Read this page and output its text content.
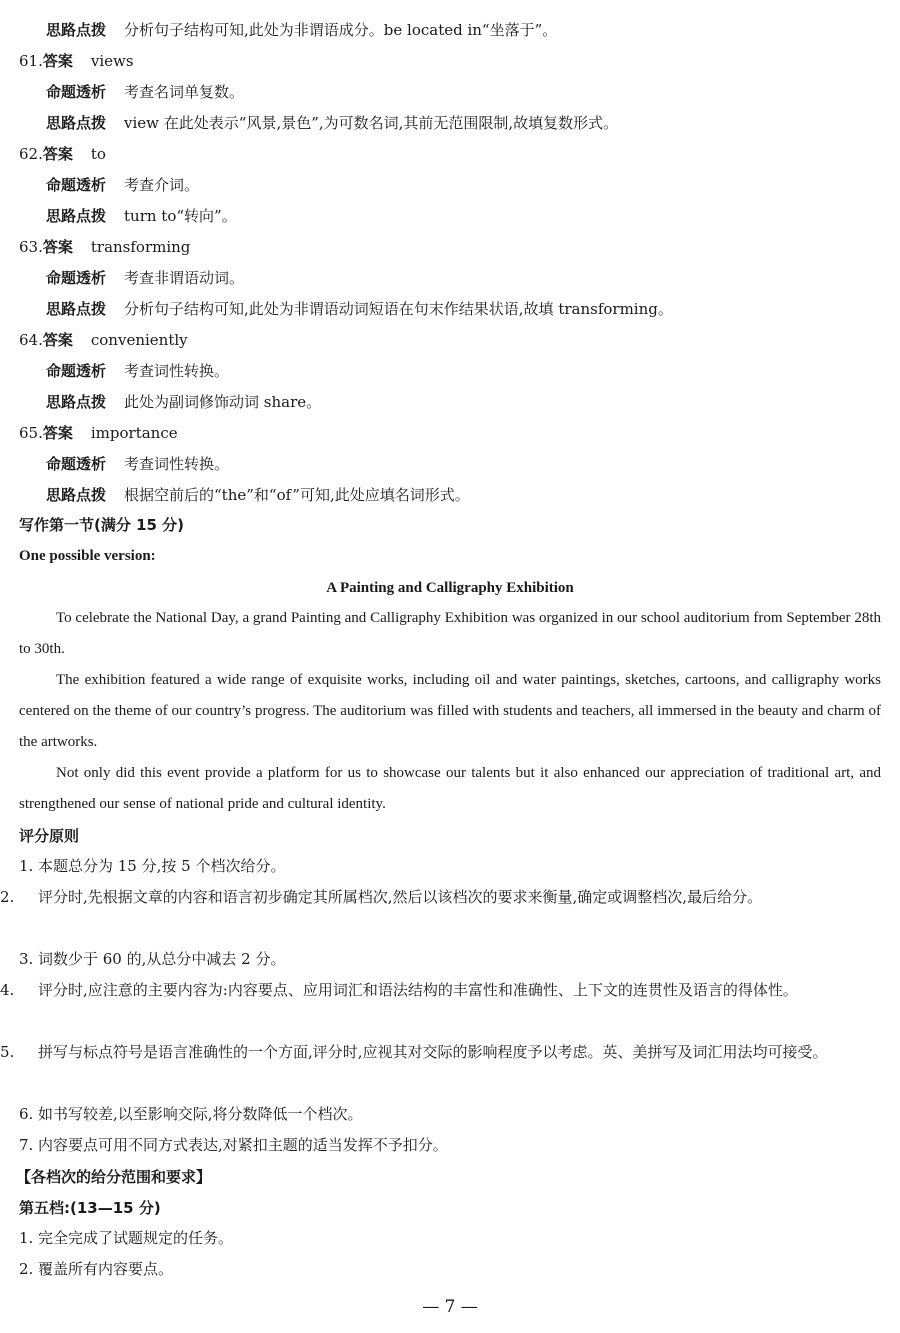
思路点拨 分析句子结构可知,此处为非谓语成分。be located in“坐落于”。
61.答案 views
命题透析 考查名词单复数。
思路点拨 view 在此处表示“风景,景色”,为可数名词,其前无范围限制,故填复数形式。
62.答案 to
命题透析 考查介词。
思路点拨 turn to“转向”。
63.答案 transforming
命题透析 考查非谓语动词。
思路点拨 分析句子结构可知,此处为非谓语动词短语在句末作结果状语,故填 transforming。
64.答案 conveniently
命题透析 考查词性转换。
思路点拨 此处为副词修饰动词 share。
65.答案 importance
命题透析 考查词性转换。
思路点拨 根据空前后的“the”和“of”可知,此处应填名词形式。
写作第一节(满分 15 分)
One possible version:
A Painting and Calligraphy Exhibition
To celebrate the National Day, a grand Painting and Calligraphy Exhibition was organized in our school auditorium from September 28th to 30th.
The exhibition featured a wide range of exquisite works, including oil and water paintings, sketches, cartoons, and calligraphy works centered on the theme of our country’s progress. The auditorium was filled with students and teachers, all immersed in the beauty and charm of the artworks.
Not only did this event provide a platform for us to showcase our talents but it also enhanced our appreciation of traditional art, and strengthened our sense of national pride and cultural identity.
评分原则
1. 本题总分为 15 分,按 5 个档次给分。
2. 评分时,先根据文章的内容和语言初步确定其所属档次,然后以该档次的要求来衡量,确定或调整档次,最后给分。
3. 词数少于 60 的,从总分中减去 2 分。
4. 评分时,应注意的主要内容为:内容要点、应用词汇和语法结构的丰富性和准确性、上下文的连贯性及语言的得体性。
5. 拼写与标点符号是语言准确性的一个方面,评分时,应视其对交际的影响程度予以考虑。英、美拼写及词汇用法均可接受。
6. 如书写较差,以至影响交际,将分数降低一个档次。
7. 内容要点可用不同方式表达,对紧扣主题的适当发挥不予扣分。
【各档次的给分范围和要求】
第五档:(13—15 分)
1. 完全完成了试题规定的任务。
2. 覆盖所有内容要点。
— 7 —
